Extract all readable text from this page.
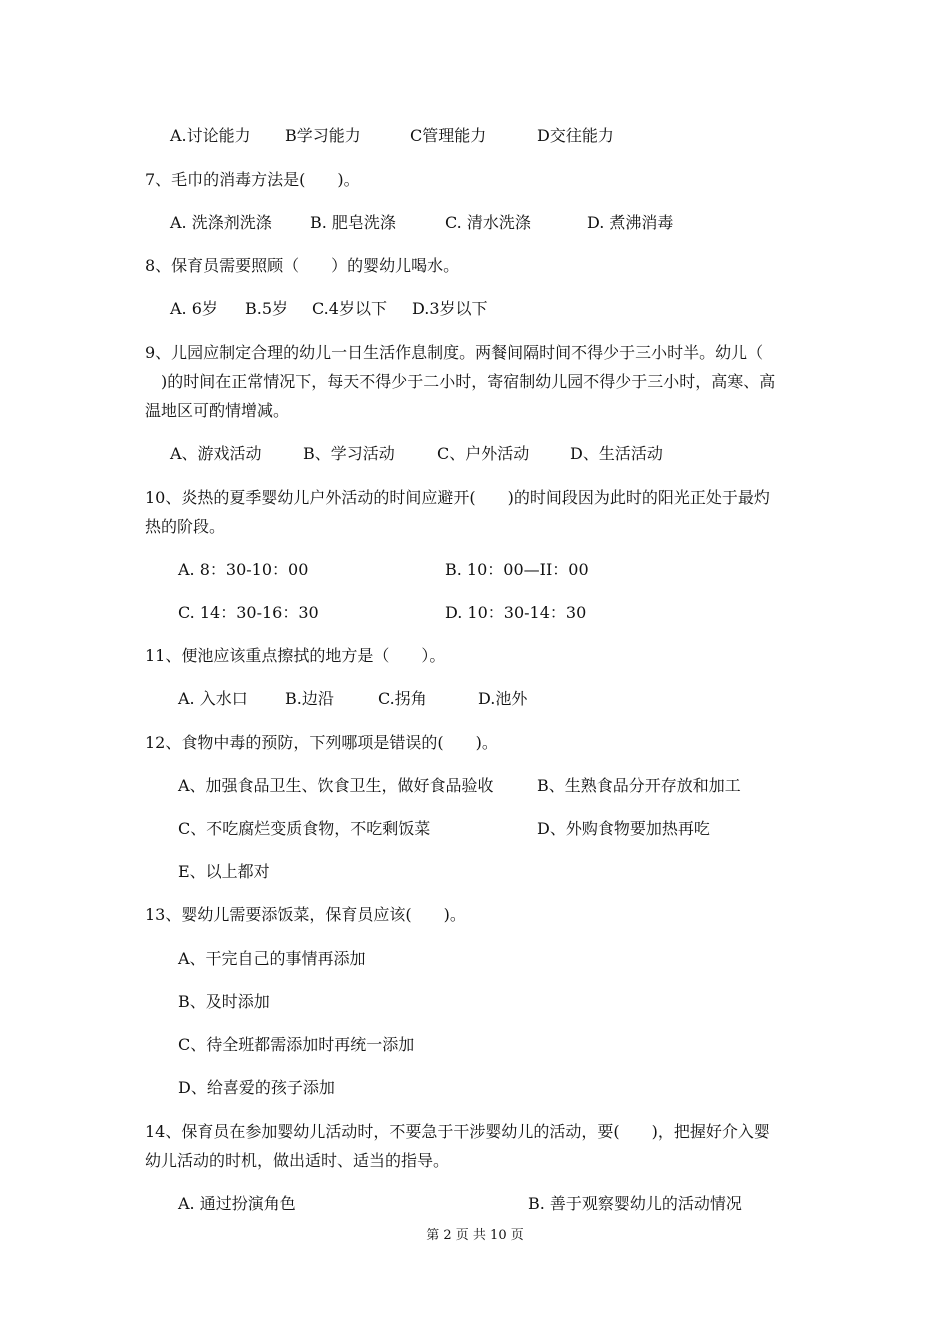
A.讨论能力 B学习能力	C管理能力	D交往能力
7、毛巾的消毒方法是(　　)。
A. 洗涤剂洗涤 B. 肥皂洗涤	C. 清水洗涤	D. 煮沸消毒
8、保育员需要照顾（　　）的婴幼儿喝水。
A. 6岁 B.5岁 C.4岁以下 D.3岁以下
9、儿园应制定合理的幼儿一日生活作息制度。两餐间隔时间不得少于三小时半。幼儿（
　)的时间在正常情况下，每天不得少于二小时，寄宿制幼儿园不得少于三小时，高寒、高
温地区可酌情增减。
A、游戏活动	B、学习活动	C、户外活动	D、生活活动
10、炎热的夏季婴幼儿户外活动的时间应避开(　　)的时间段因为此时的阳光正处于最灼
热的阶段。
A. 8：30-10：00	B. 10：00—II：00
C. 14：30-16：30	D. 10：30-14：30
11、便池应该重点擦拭的地方是（　　）。
A. 入水口 B.边沿	C.拐角	D.池外
12、食物中毒的预防，下列哪项是错误的(　　)。
A、加强食品卫生、饮食卫生，做好食品验收	B、生熟食品分开存放和加工
C、不吃腐烂变质食物，不吃剩饭菜	D、外购食物要加热再吃
E、以上都对
13、婴幼儿需要添饭菜，保育员应该(　　)。
A、干完自己的事情再添加
B、及时添加
C、待全班都需添加时再统一添加
D、给喜爱的孩子添加
14、保育员在参加婴幼儿活动时，不要急于干涉婴幼儿的活动，要(　　)，把握好介入婴
幼儿活动的时机，做出适时、适当的指导。
A. 通过扮演角色	B. 善于观察婴幼儿的活动情况
第 2 页 共 10 页
